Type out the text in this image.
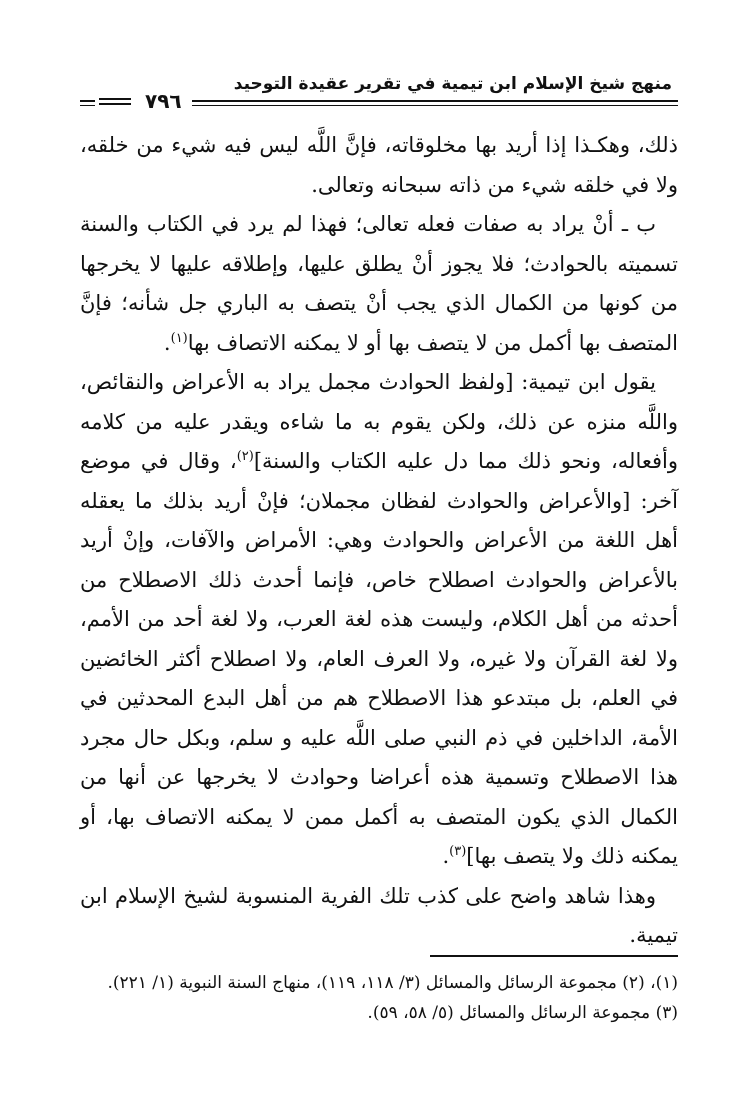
منهج شيخ الإسلام ابن تيمية في تقرير عقيدة التوحيد
٧٩٦

ذلك، وهكـذا إذا أريد بها مخلوقاته، فإنَّ اللَّه ليس فيه شيء من خلقه، ولا في خلقه شيء من ذاته سبحانه وتعالى.

ب ـ أنْ يراد به صفات فعله تعالى؛ فهذا لم يرد في الكتاب والسنة تسميته بالحوادث؛ فلا يجوز أنْ يطلق عليها، وإطلاقه عليها لا يخرجها من كونها من الكمال الذي يجب أنْ يتصف به الباري جل شأنه؛ فإنَّ المتصف بها أكمل من لا يتصف بها أو لا يمكنه الاتصاف بها$^{(١)}$.

يقول ابن تيمية: [ولفظ الحوادث مجمل يراد به الأعراض والنقائص، واللَّه منزه عن ذلك، ولكن يقوم به ما شاءه ويقدر عليه من كلامه وأفعاله، ونحو ذلك مما دل عليه الكتاب والسنة]$^{(٢)}$، وقال في موضع آخر: [والأعراض والحوادث لفظان مجملان؛ فإنْ أريد بذلك ما يعقله أهل اللغة من الأعراض والحوادث وهي: الأمراض والآفات، وإنْ أريد بالأعراض والحوادث اصطلاح خاص، فإنما أحدث ذلك الاصطلاح من أحدثه من أهل الكلام، وليست هذه لغة العرب، ولا لغة أحد من الأمم، ولا لغة القرآن ولا غيره، ولا العرف العام، ولا اصطلاح أكثر الخائضين في العلم، بل مبتدعو هذا الاصطلاح هم من أهل البدع المحدثين في الأمة، الداخلين في ذم النبي صلى اللَّه عليه و سلم، وبكل حال مجرد هذا الاصطلاح وتسمية هذه أعراضا وحوادث لا يخرجها عن أنها من الكمال الذي يكون المتصف به أكمل ممن لا يمكنه الاتصاف بها، أو يمكنه ذلك ولا يتصف بها]$^{(٣)}$.

وهذا شاهد واضح على كذب تلك الفرية المنسوبة لشيخ الإسلام ابن تيمية.

(١)، (٢) مجموعة الرسائل والمسائل (٣/ ١١٨، ١١٩)، منهاج السنة النبوية (١/ ٢٢١).

(٣) مجموعة الرسائل والمسائل (٥/ ٥٨، ٥٩).
